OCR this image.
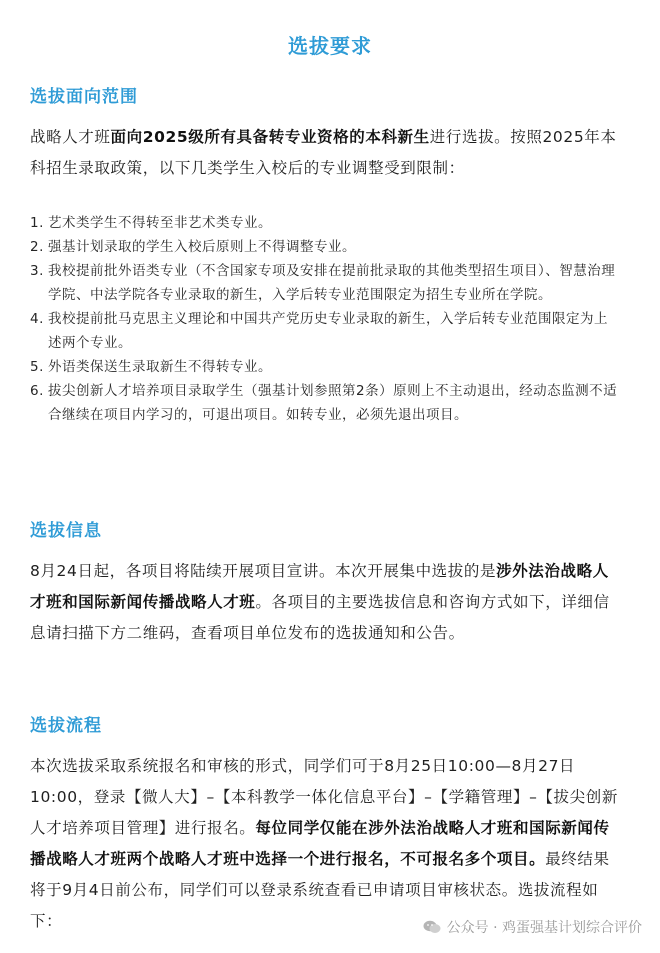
选拔要求
选拔面向范围
战略人才班面向2025级所有具备转专业资格的本科新生进行选拔。按照2025年本科招生录取政策，以下几类学生入校后的专业调整受到限制：
1. 艺术类学生不得转至非艺术类专业。
2. 强基计划录取的学生入校后原则上不得调整专业。
3. 我校提前批外语类专业（不含国家专项及安排在提前批录取的其他类型招生项目）、智慧治理学院、中法学院各专业录取的新生，入学后转专业范围限定为招生专业所在学院。
4. 我校提前批马克思主义理论和中国共产党历史专业录取的新生，入学后转专业范围限定为上述两个专业。
5. 外语类保送生录取新生不得转专业。
6. 拔尖创新人才培养项目录取学生（强基计划参照第2条）原则上不主动退出，经动态监测不适合继续在项目内学习的，可退出项目。如转专业，必须先退出项目。
选拔信息
8月24日起，各项目将陆续开展项目宣讲。本次开展集中选拔的是涉外法治战略人才班和国际新闻传播战略人才班。各项目的主要选拔信息和咨询方式如下，详细信息请扫描下方二维码，查看项目单位发布的选拔通知和公告。
选拔流程
本次选拔采取系统报名和审核的形式，同学们可于8月25日10:00—8月27日10:00，登录【微人大】–【本科教学一体化信息平台】–【学籍管理】–【拔尖创新人才培养项目管理】进行报名。每位同学仅能在涉外法治战略人才班和国际新闻传播战略人才班两个战略人才班中选择一个进行报名，不可报名多个项目。最终结果将于9月4日前公布，同学们可以登录系统查看已申请项目审核状态。选拔流程如下：	公众号 · 鸡蛋强基计划综合评价
